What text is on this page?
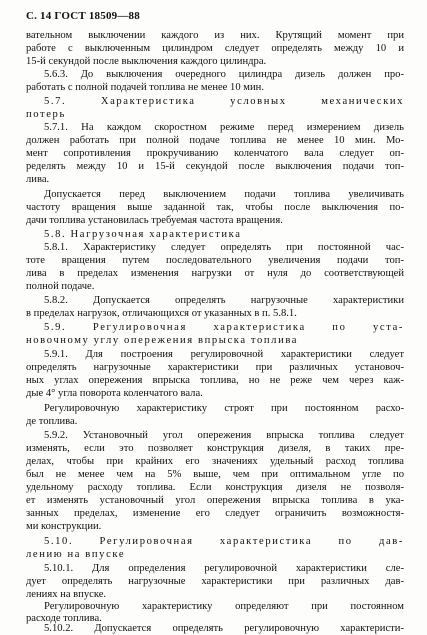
С. 14 ГОСТ 18509—88
вательном выключении каждого из них. Крутящий момент при
работе с выключенным цилиндром следует определять между 10 и
15-й секундой после выключения каждого цилиндра.
5.6.3. До выключения очередного цилиндра дизель должен про-
работать с полной подачей топлива не менее 10 мин.
5.7. Характеристика условных механических
потерь
5.7.1. На каждом скоростном режиме перед измерением дизель
должен работать при полной подаче топлива не менее 10 мин. Мо-
мент сопротивления прокручиванию коленчатого вала следует оп-
ределять между 10 и 15-й секундой после выключения подачи топ-
лива.
Допускается перед выключением подачи топлива увеличивать
частоту вращения выше заданной так, чтобы после выключения по-
дачи топлива установилась требуемая частота вращения.
5.8. Нагрузочная характеристика
5.8.1. Характеристику следует определять при постоянной час-
тоте вращения путем последовательного увеличения подачи топ-
лива в пределах изменения нагрузки от нуля до соответствующей
полной подаче.
5.8.2. Допускается определять нагрузочные характеристики
в пределах нагрузок, отличающихся от указанных в п. 5.8.1.
5.9. Регулировочная характеристика по уста-
новочному углу опережения впрыска топлива
5.9.1. Для построения регулировочной характеристики следует
определять нагрузочные характеристики при различных установоч-
ных углах опережения впрыска топлива, но не реже чем через каж-
дые 4° угла поворота коленчатого вала.
Регулировочную характеристику строят при постоянном расхо-
де топлива.
5.9.2. Установочный угол опережения впрыска топлива следует
изменять, если это позволяет конструкция дизеля, в таких пре-
делах, чтобы при крайних его значениях удельный расход топлива
был не менее чем на 5% выше, чем при оптимальном угле по
удельному расходу топлива. Если конструкция дизеля не позволя-
ет изменять установочный угол опережения впрыска топлива в ука-
занных пределах, изменение его следует ограничить возможностя-
ми конструкции.
5.10. Регулировочная характеристика по дав-
лению на впуске
5.10.1. Для определения регулировочной характеристики сле-
дует определять нагрузочные характеристики при различных дав-
лениях на впуске.
Регулировочную характеристику определяют при постоянном
расходе топлива.
5.10.2. Допускается определять регулировочную характеристи-
